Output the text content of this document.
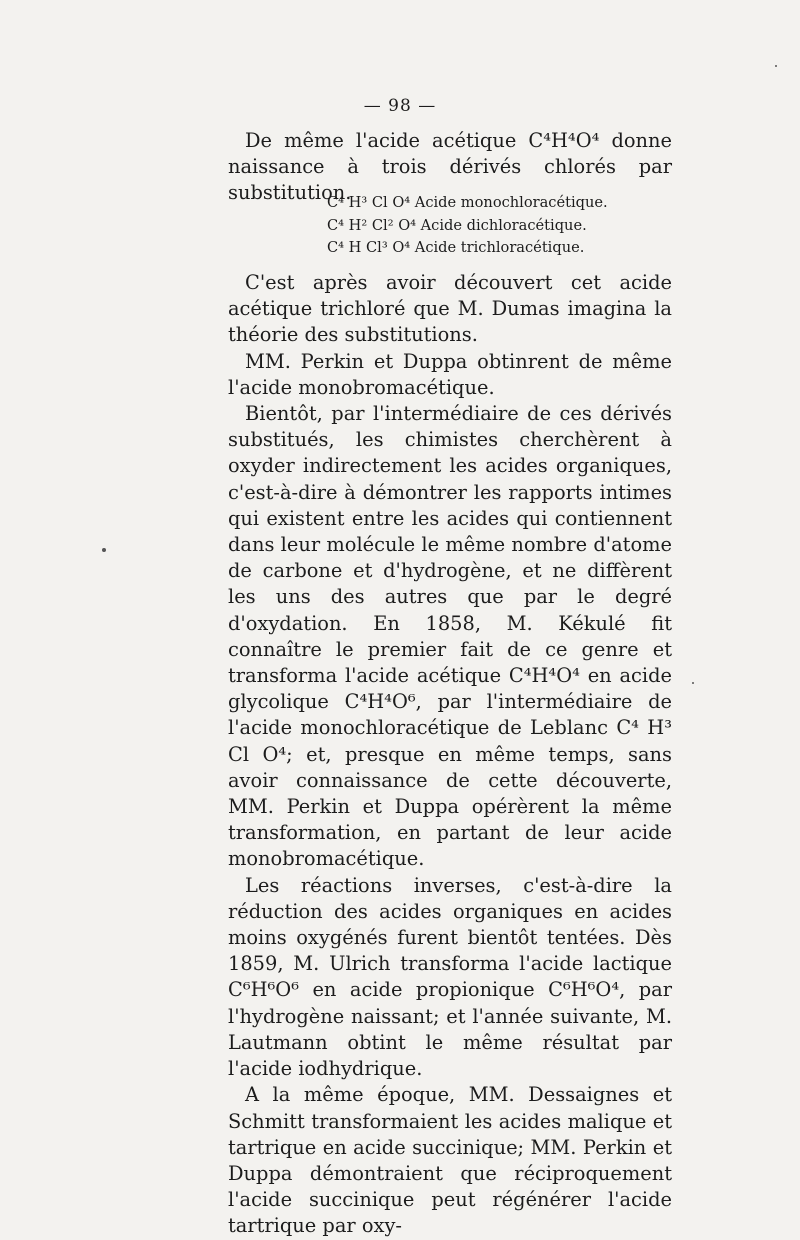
— 98 —

De même l'acide acétique C⁴H⁴O⁴ donne naissance à trois dérivés chlorés par substitution.

C⁴ H³ Cl O⁴ Acide monochloracétique.
C⁴ H² Cl² O⁴ Acide dichloracétique.
C⁴ H Cl³ O⁴ Acide trichloracétique.

C'est après avoir découvert cet acide acétique trichloré que M. Dumas imagina la théorie des substitutions.

MM. Perkin et Duppa obtinrent de même l'acide monobromacétique.

Bientôt, par l'intermédiaire de ces dérivés substitués, les chimistes cherchèrent à oxyder indirectement les acides organiques, c'est-à-dire à démontrer les rapports intimes qui existent entre les acides qui contiennent dans leur molécule le même nombre d'atome de carbone et d'hydrogène, et ne diffèrent les uns des autres que par le degré d'oxydation. En 1858, M. Kékulé fit connaître le premier fait de ce genre et transforma l'acide acétique C⁴H⁴O⁴ en acide glycolique C⁴H⁴O⁶, par l'intermédiaire de l'acide monochloracétique de Leblanc C⁴ H³ Cl O⁴; et, presque en même temps, sans avoir connaissance de cette découverte, MM. Perkin et Duppa opérèrent la même transformation, en partant de leur acide monobromacétique.

Les réactions inverses, c'est-à-dire la réduction des acides organiques en acides moins oxygénés furent bientôt tentées. Dès 1859, M. Ulrich transforma l'acide lactique C⁶H⁶O⁶ en acide propionique C⁶H⁶O⁴, par l'hydrogène naissant; et l'année suivante, M. Lautmann obtint le même résultat par l'acide iodhydrique.

A la même époque, MM. Dessaignes et Schmitt transformaient les acides malique et tartrique en acide succinique; MM. Perkin et Duppa démontraient que réciproquement l'acide succinique peut régénérer l'acide tartrique par oxy-
